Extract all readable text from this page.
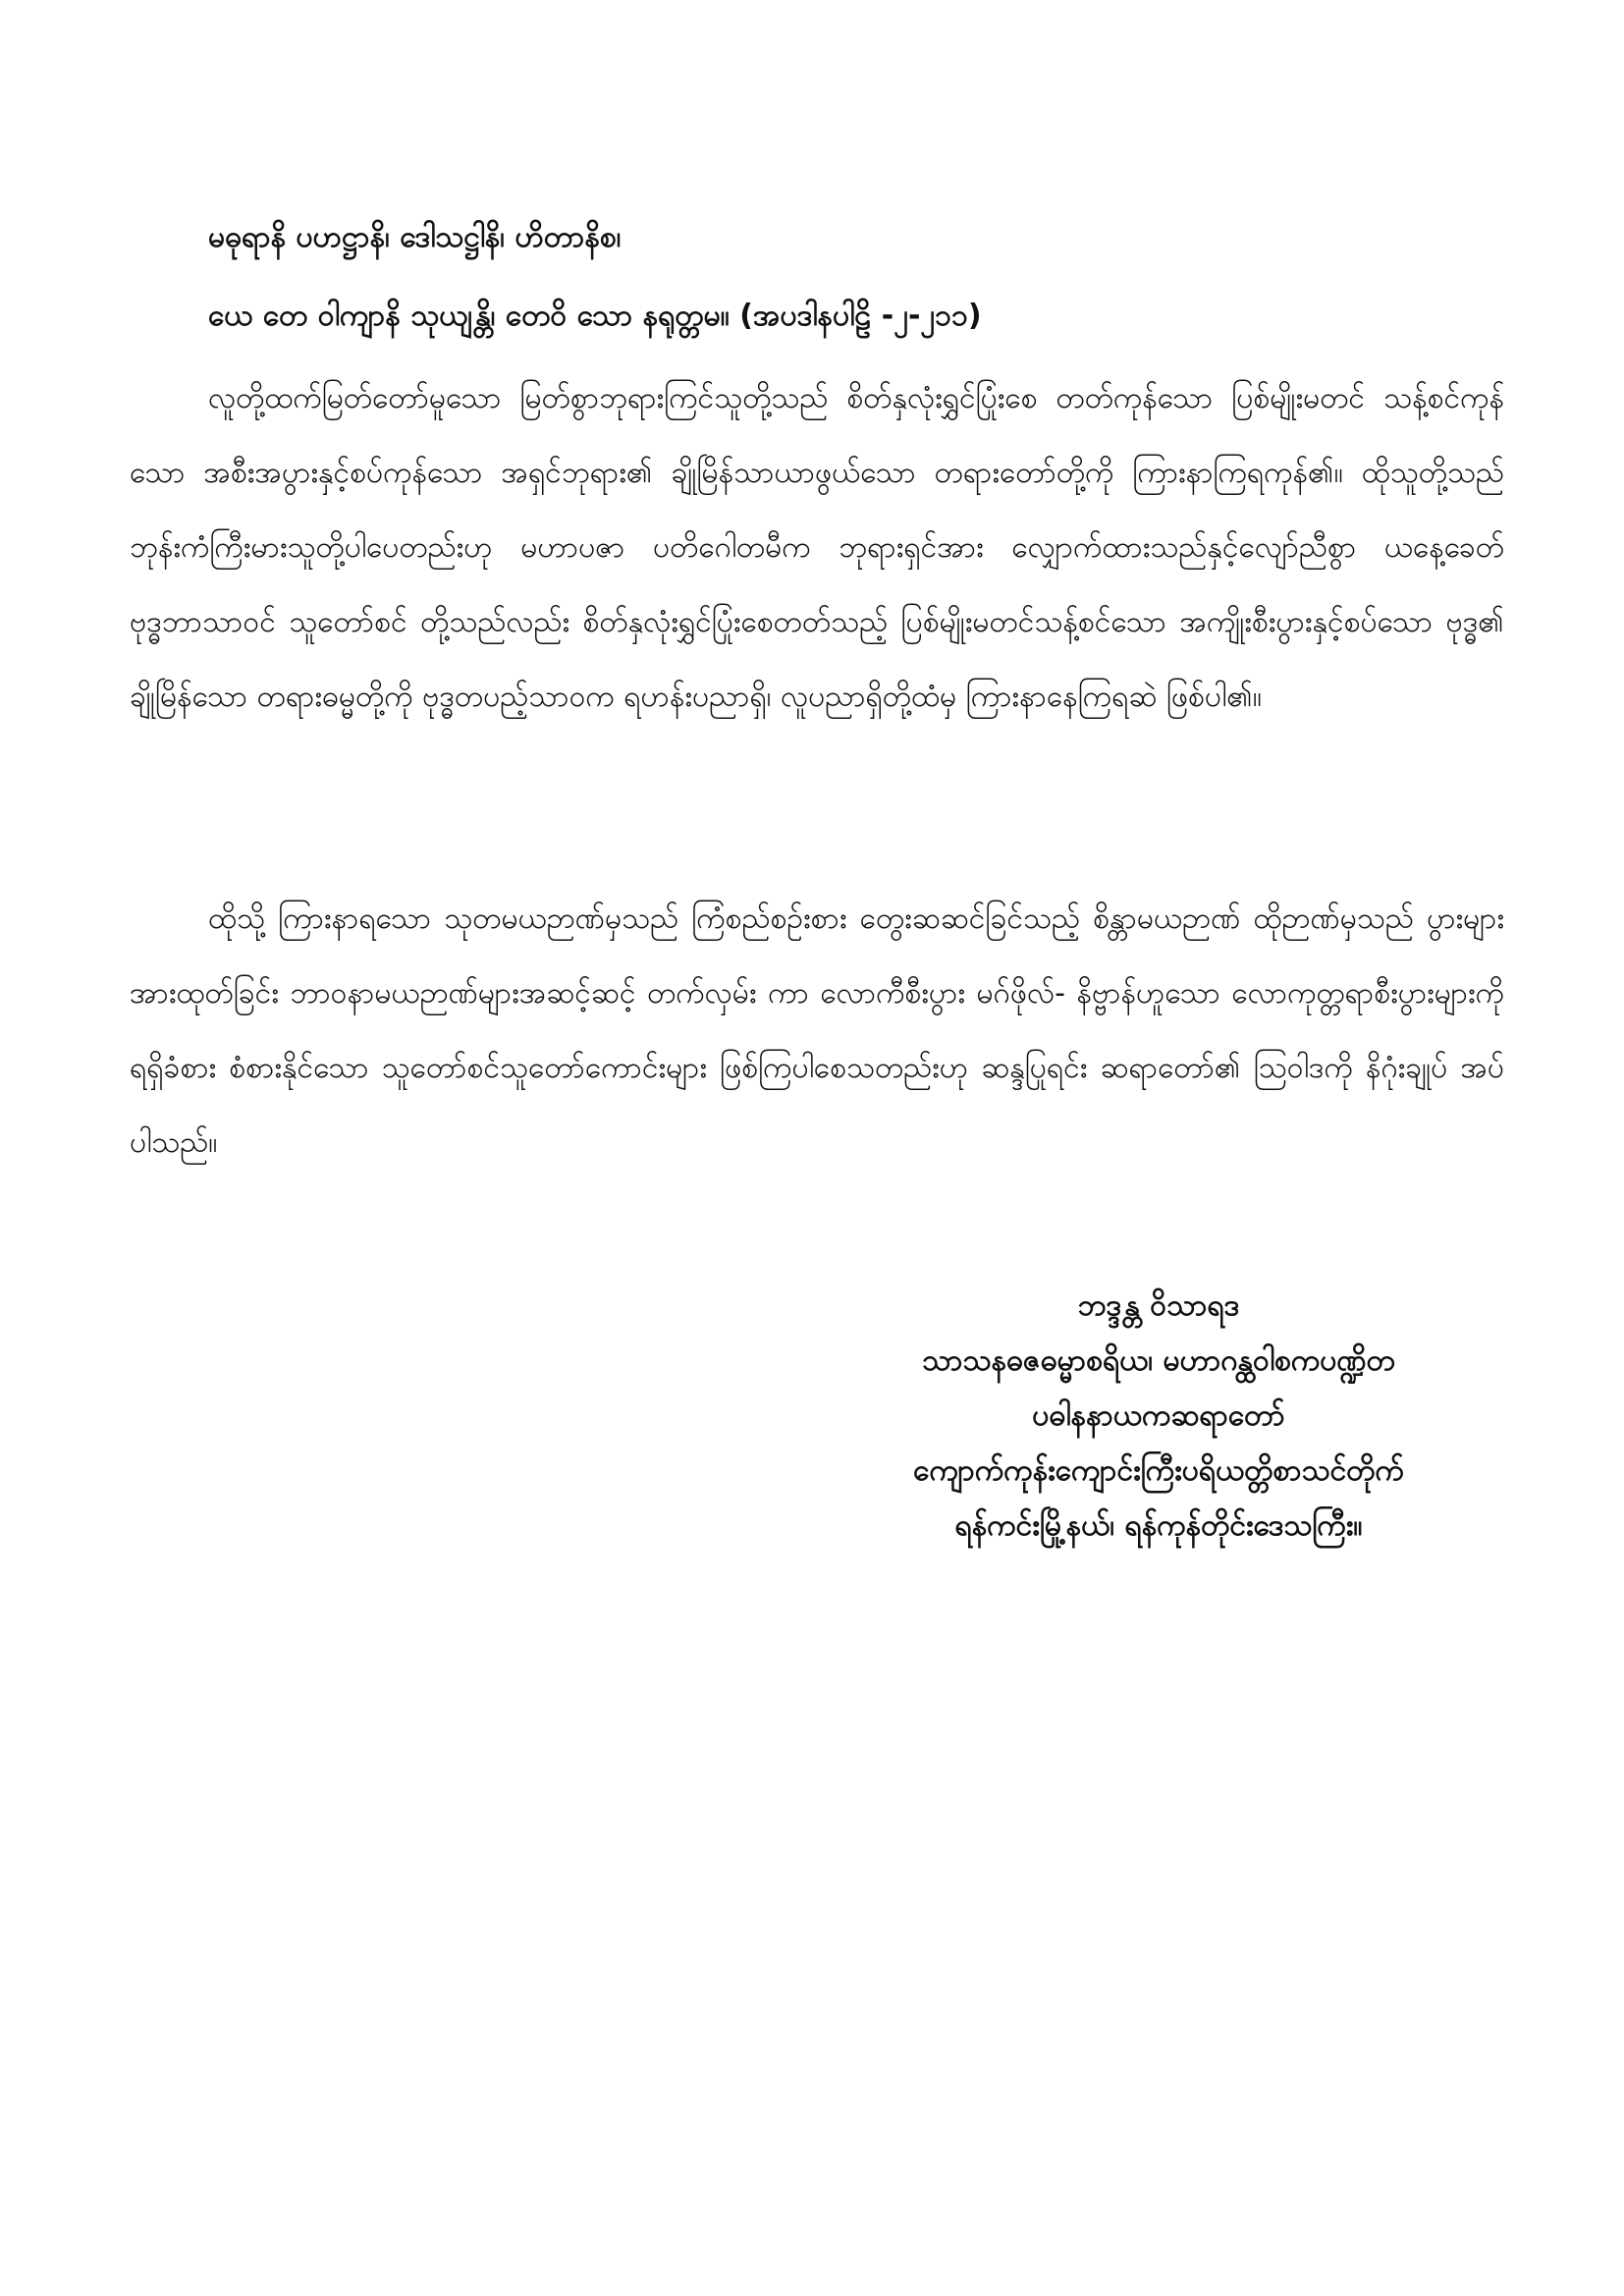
မဓုရာနိ ပဟဋ္ဌာနိ၊ ဒေါသဋ္ဌါနိ၊ ဟိတာနိစ၊
ယေ တေ ဝါကျာနိ သုယျန္တိ၊ တေဝိ သော နရုတ္တမ။ (အပဒါနပါဠိ -၂-၂၁၁)

လူတို့ထက်မြတ်တော်မူသော မြတ်စွာဘုရားကြင်သူတို့သည် စိတ်နှလုံးရွှင်ပြုံးစေ တတ်ကုန်သော ပြစ်မျိုးမတင် သန့်စင်ကုန်သော အစီးအပွားနှင့်စပ်ကုန်သော အရှင်ဘုရား၏ ချိုမြိန်သာယာဖွယ်သော တရားတော်တို့ကို ကြားနာကြရကုန်၏။ ထိုသူတို့သည် ဘုန်းကံကြီးမားသူတို့ပါပေတည်းဟု မဟာပဇာ ပတိဂေါတမီက ဘုရားရှင်အား လျှောက်ထားသည်နှင့်လျော်ညီစွာ ယနေ့ခေတ် ဗုဒ္ဓဘာသာဝင် သူတော်စင် တို့သည်လည်း စိတ်နှလုံးရွှင်ပြုံးစေတတ်သည့် ပြစ်မျိုးမတင်သန့်စင်သော အကျိုးစီးပွားနှင့်စပ်သော ဗုဒ္ဓ၏ ချိုမြိန်သော တရားဓမ္မတို့ကို ဗုဒ္ဓတပည့်သာဝက ရဟန်းပညာရှိ၊ လူပညာရှိတို့ထံမှ ကြားနာနေကြရဆဲ ဖြစ်ပါ၏။

ထိုသို့ ကြားနာရသော သုတမယဉာဏ်မှသည် ကြံစည်စဉ်းစား တွေးဆဆင်ခြင်သည့် စိန္တာမယဉာဏ် ထိုဉာဏ်မှသည် ပွားများအားထုတ်ခြင်း ဘာဝနာမယဉာဏ်များအဆင့်ဆင့် တက်လှမ်း ကာ လောကီစီးပွား မဂ်ဖိုလ်- နိဗ္ဗာန်ဟူသော လောကုတ္တရာစီးပွားများကို ရရှိခံစား စံစားနိုင်သော သူတော်စင်သူတော်ကောင်းများ ဖြစ်ကြပါစေသတည်းဟု ဆန္ဒပြုရင်း ဆရာတော်၏ ဩဝါဒကို နိဂုံးချုပ် အပ်ပါသည်။

ဘဒ္ဒန္တ ဝိသာရဒ
သာသနဓဇဓမ္မာစရိယ၊ မဟာဂန္ထဝါစကပဏ္ဍိတ
ပဓါနနာယကဆရာတော်
ကျောက်ကုန်းကျောင်းကြီးပရိယတ္တိစာသင်တိုက်
ရန်ကင်းမြို့နယ်၊ ရန်ကုန်တိုင်းဒေသကြီး။
